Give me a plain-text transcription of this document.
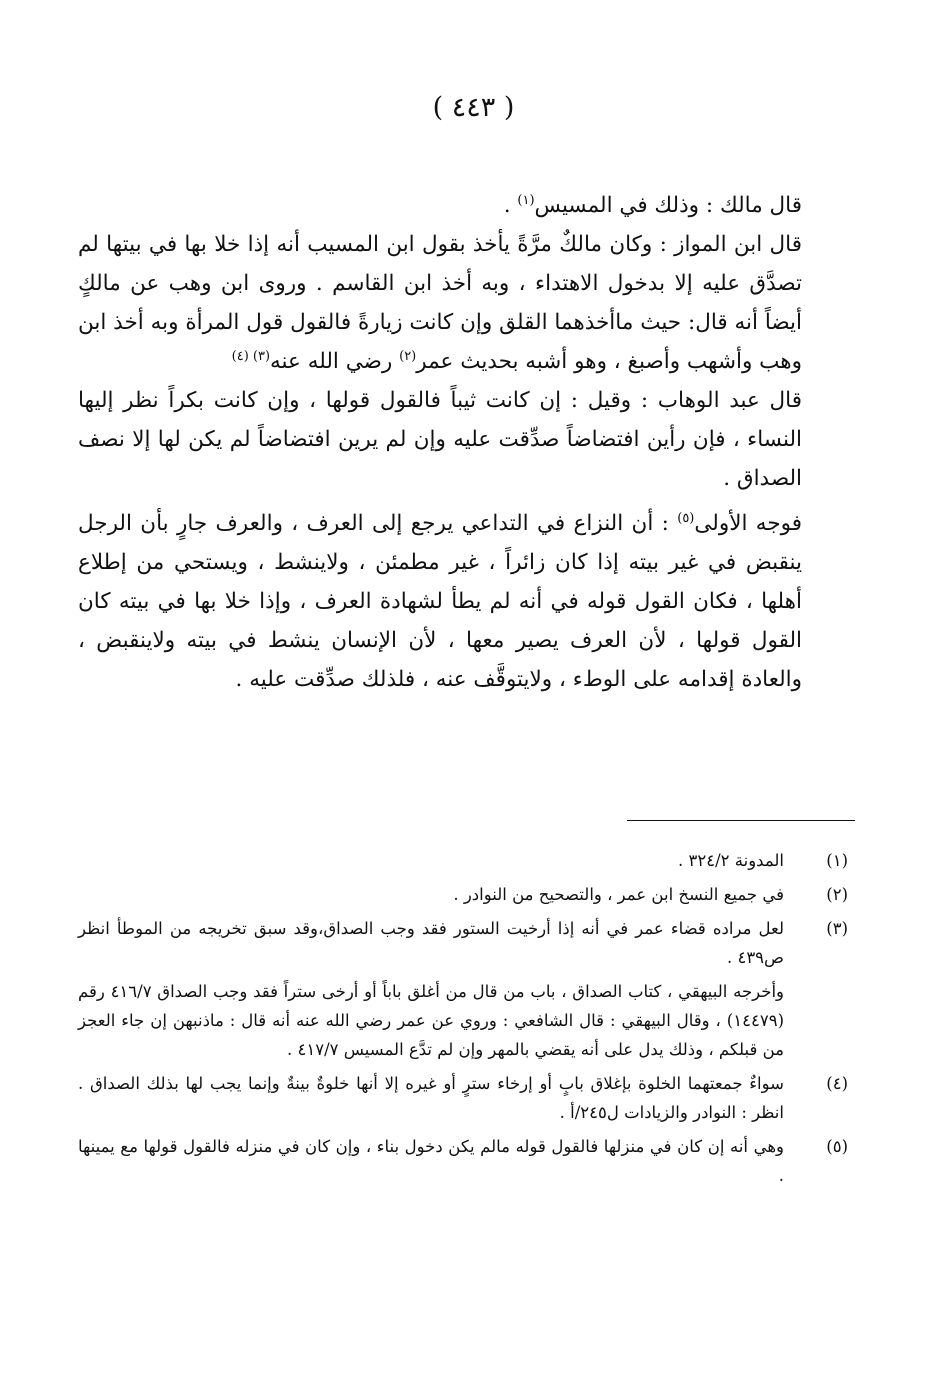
( ٤٤٣ )

قال مالك : وذلك في المسيس$^{(١)}$ .

قال ابن المواز : وكان مالكٌ مرَّةً يأخذ بقول ابن المسيب أنه إذا خلا بها في بيتها لم تصدَّق عليه إلا بدخول الاهتداء ، وبه أخذ ابن القاسم . وروى ابن وهب عن مالكٍ أيضاً أنه قال: حيث ماأخذهما القلق وإن كانت زيارةً فالقول قول المرأة وبه أخذ ابن وهب وأشهب وأصبغ ، وهو أشبه بحديث عمر$^{(٢)}$ رضي الله عنه$^{(٣) (٤)}$

قال عبد الوهاب : وقيل : إن كانت ثيباً فالقول قولها ، وإن كانت بكراً نظر إليها النساء ، فإن رأين افتضاضاً صدِّقت عليه وإن لم يرين افتضاضاً لم يكن لها إلا نصف الصداق .

فوجه الأولى$^{(٥)}$ : أن النزاع في التداعي يرجع إلى العرف ، والعرف جارٍ بأن الرجل ينقبض في غير بيته إذا كان زائراً ، غير مطمئن ، ولاينشط ، ويستحي من إطلاع أهلها ، فكان القول قوله في أنه لم يطأ لشهادة العرف ، وإذا خلا بها في بيته كان القول قولها ، لأن العرف يصير معها ، لأن الإنسان ينشط في بيته ولاينقبض ، والعادة إقدامه على الوطء ، ولايتوقَّف عنه ، فلذلك صدِّقت عليه .

(١)
المدونة ٣٢٤/٢ .
(٢)
في جميع النسخ ابن عمر ، والتصحيح من النوادر .
(٣)
لعل مراده قضاء عمر في أنه إذا أرخيت الستور فقد وجب الصداق،وقد سبق تخريجه من الموطأ انظر ص٤٣٩ .
وأخرجه البيهقي ، كتاب الصداق ، باب من قال من أغلق باباً أو أرخى ستراً فقد وجب الصداق ٤١٦/٧ رقم (١٤٤٧٩) ، وقال البيهقي : قال الشافعي : وروي عن عمر رضي الله عنه أنه قال : ماذنبهن إن جاء العجز من قبلكم ، وذلك يدل على أنه يقضي بالمهر وإن لم تدَّع المسيس ٤١٧/٧ .
(٤)
سواءٌ جمعتهما الخلوة بإغلاق بابٍ أو إرخاء سترٍ أو غيره إلا أنها خلوةٌ بينةٌ وإنما يجب لها بذلك الصداق . انظر : النوادر والزيادات ل٢٤٥/أ .
(٥)
وهي أنه إن كان في منزلها فالقول قوله مالم يكن دخول بناء ، وإن كان في منزله فالقول قولها مع يمينها .
